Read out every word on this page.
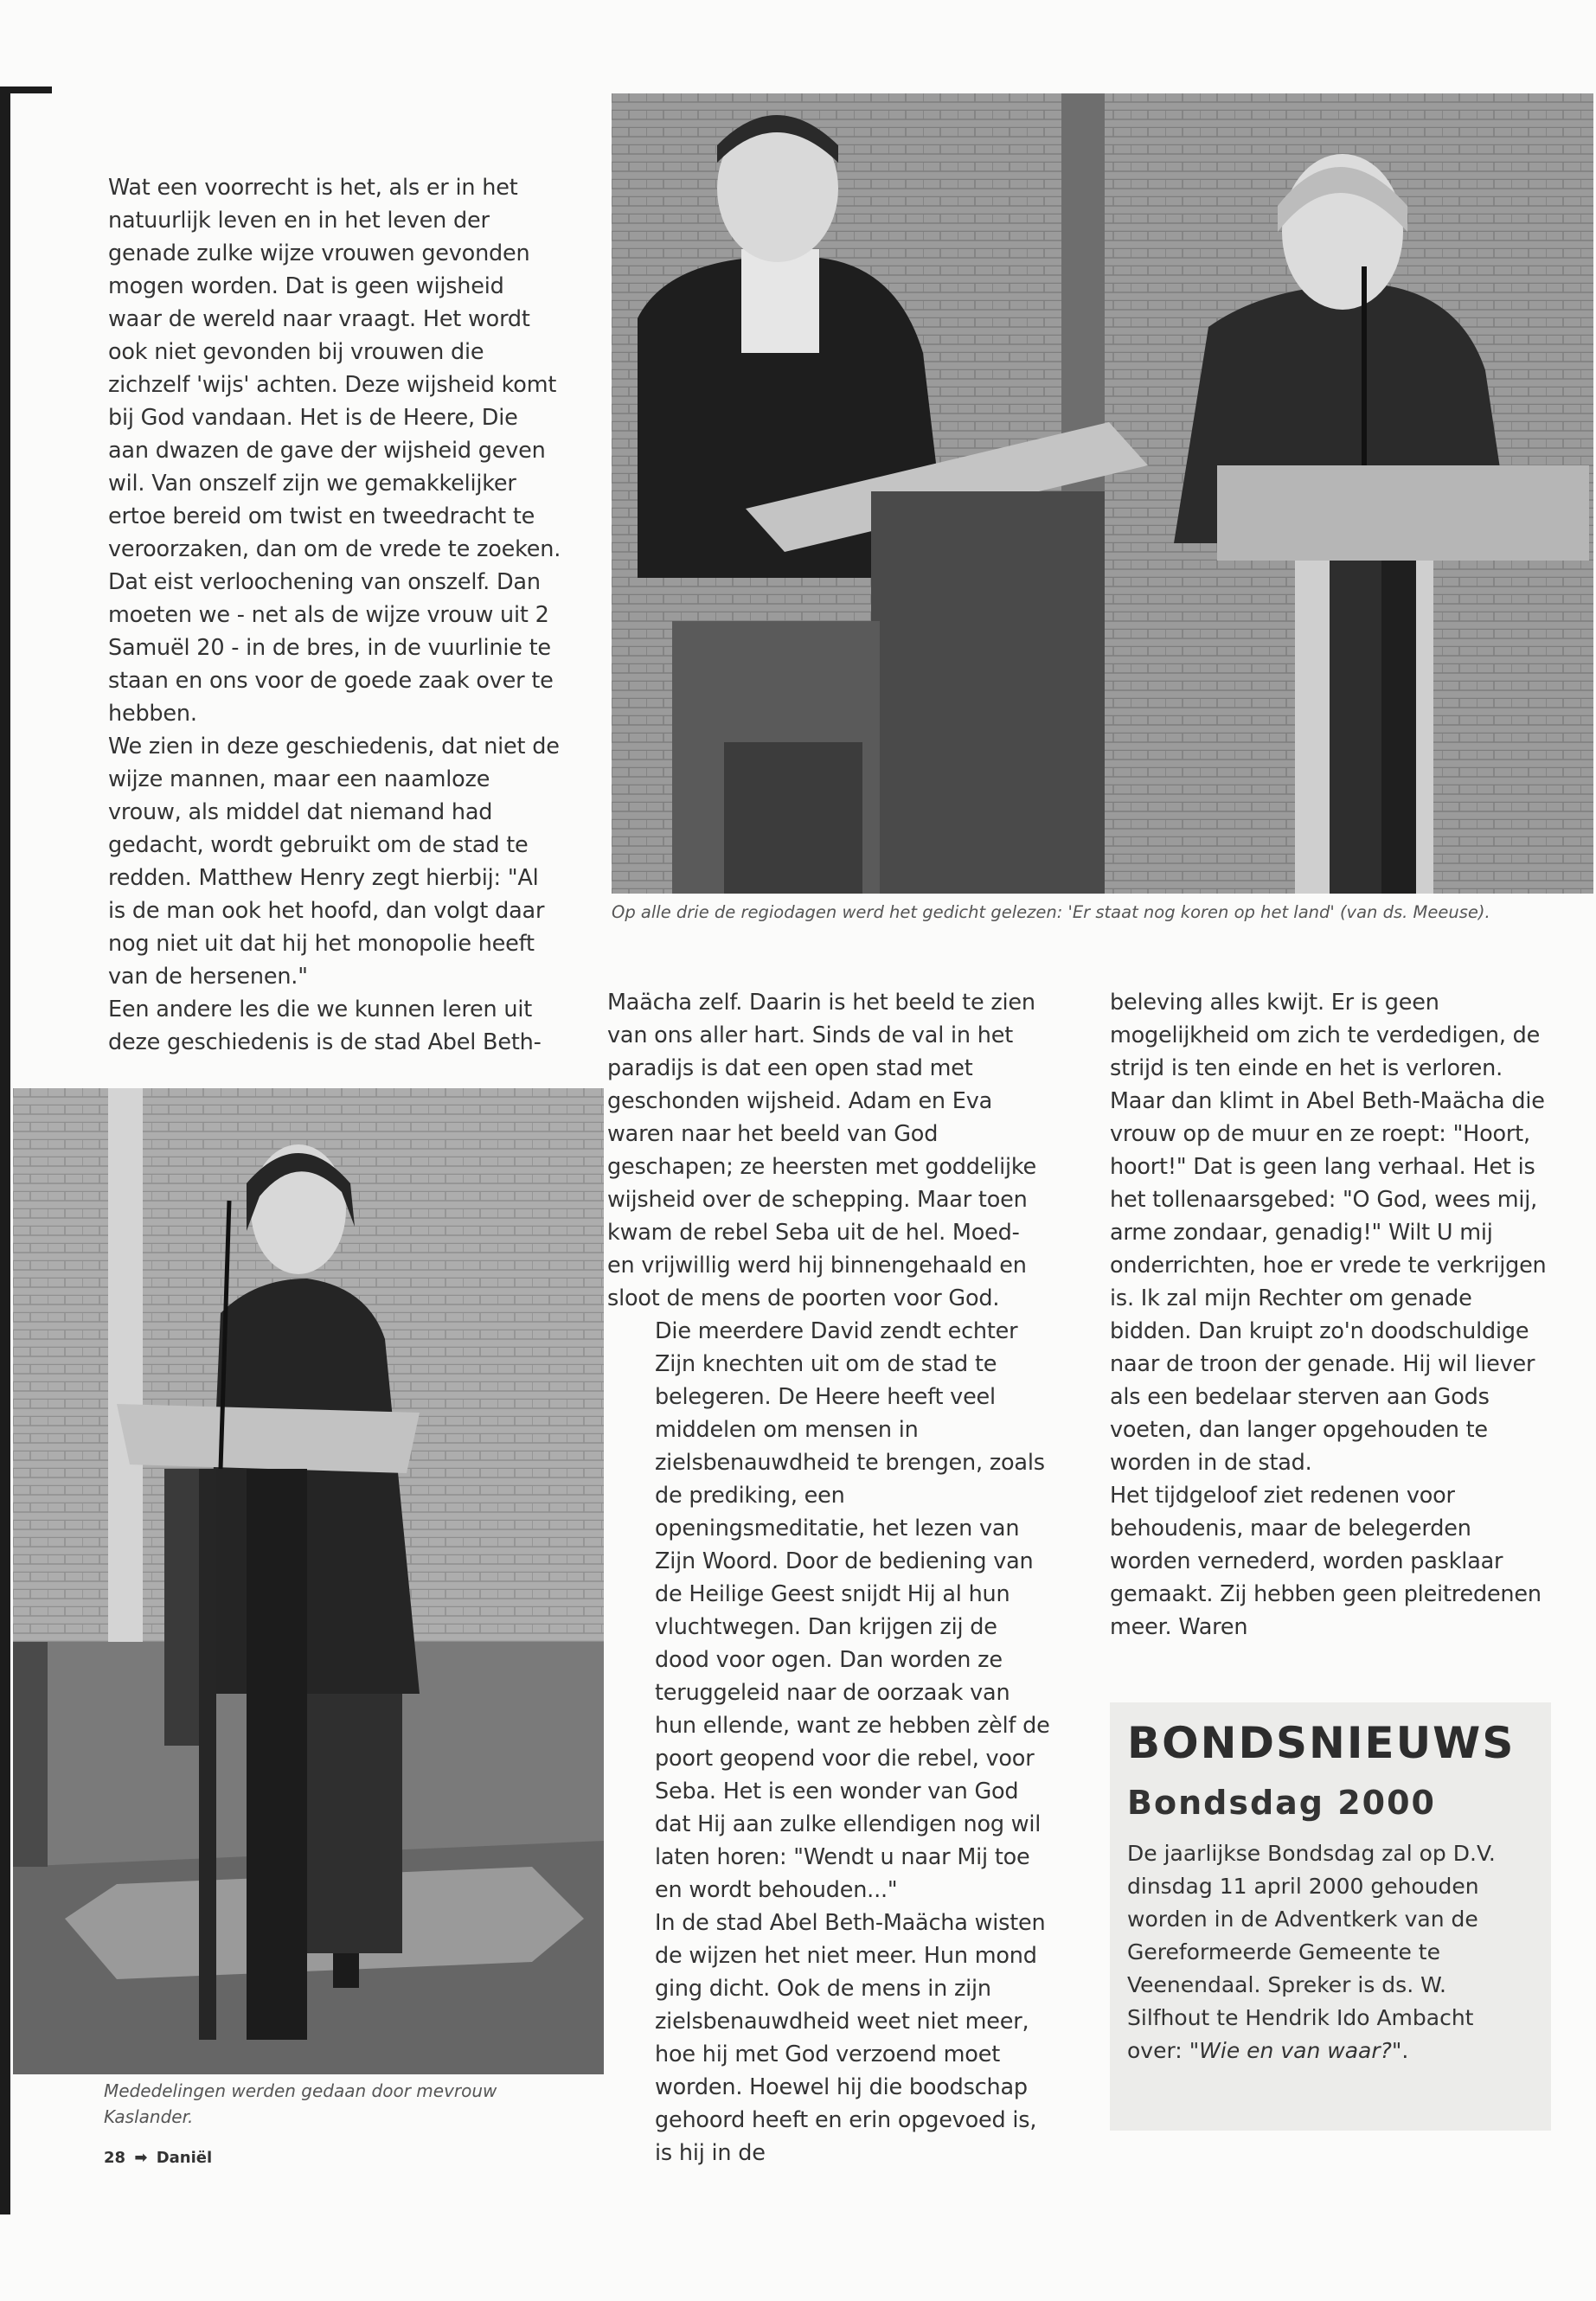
Wat een voorrecht is het, als er in het natuurlijk leven en in het leven der genade zulke wijze vrouwen gevonden mogen worden. Dat is geen wijsheid waar de wereld naar vraagt. Het wordt ook niet gevonden bij vrouwen die zichzelf 'wijs' achten. Deze wijsheid komt bij God vandaan. Het is de Heere, Die aan dwazen de gave der wijsheid geven wil. Van onszelf zijn we gemakkelijker ertoe bereid om twist en tweedracht te veroorzaken, dan om de vrede te zoeken. Dat eist verloochening van onszelf. Dan moeten we - net als de wijze vrouw uit 2 Samuël 20 - in de bres, in de vuurlinie te staan en ons voor de goede zaak over te hebben.

We zien in deze geschiedenis, dat niet de wijze mannen, maar een naamloze vrouw, als middel dat niemand had gedacht, wordt gebruikt om de stad te redden. Matthew Henry zegt hierbij: "Al is de man ook het hoofd, dan volgt daar nog niet uit dat hij het monopolie heeft van de hersenen."

Een andere les die we kunnen leren uit deze geschiedenis is de stad Abel Beth-

Op alle drie de regiodagen werd het gedicht gelezen: 'Er staat nog koren op het land' (van ds. Meeuse).
Mededelingen werden gedaan door mevrouw Kaslander.

Maächa zelf. Daarin is het beeld te zien van ons aller hart. Sinds de val in het paradijs is dat een open stad met geschonden wijsheid. Adam en Eva waren naar het beeld van God geschapen; ze heersten met goddelijke wijsheid over de schepping. Maar toen kwam de rebel Seba uit de hel. Moed- en vrijwillig werd hij binnengehaald en sloot de mens de poorten voor God.

Die meerdere David zendt echter Zijn knechten uit om de stad te belegeren. De Heere heeft veel middelen om mensen in zielsbenauwdheid te brengen, zoals de prediking, een openingsmeditatie, het lezen van Zijn Woord. Door de bediening van de Heilige Geest snijdt Hij al hun vluchtwegen. Dan krijgen zij de dood voor ogen. Dan worden ze teruggeleid naar de oorzaak van hun ellende, want ze hebben zèlf de poort geopend voor die rebel, voor Seba. Het is een wonder van God dat Hij aan zulke ellendigen nog wil laten horen: "Wendt u naar Mij toe en wordt behouden..."

In de stad Abel Beth-Maächa wisten de wijzen het niet meer. Hun mond ging dicht. Ook de mens in zijn zielsbenauwdheid weet niet meer, hoe hij met God verzoend moet worden. Hoewel hij die boodschap gehoord heeft en erin opgevoed is, is hij in de

beleving alles kwijt. Er is geen mogelijkheid om zich te verdedigen, de strijd is ten einde en het is verloren. Maar dan klimt in Abel Beth-Maächa die vrouw op de muur en ze roept: "Hoort, hoort!" Dat is geen lang verhaal. Het is het tollenaarsgebed: "O God, wees mij, arme zondaar, genadig!" Wilt U mij onderrichten, hoe er vrede te verkrijgen is. Ik zal mijn Rechter om genade bidden. Dan kruipt zo'n doodschuldige naar de troon der genade. Hij wil liever als een bedelaar sterven aan Gods voeten, dan langer opgehouden te worden in de stad.

Het tijdgeloof ziet redenen voor behoudenis, maar de belegerden worden vernederd, worden pasklaar gemaakt. Zij hebben geen pleitredenen meer. Waren

BONDSNIEUWS
Bondsdag 2000
De jaarlijkse Bondsdag zal op D.V. dinsdag 11 april 2000 gehouden worden in de Adventkerk van de Gereformeerde Gemeente te Veenendaal. Spreker is ds. W. Silfhout te Hendrik Ido Ambacht over: "Wie en van waar?".
28 ➡ Daniël
